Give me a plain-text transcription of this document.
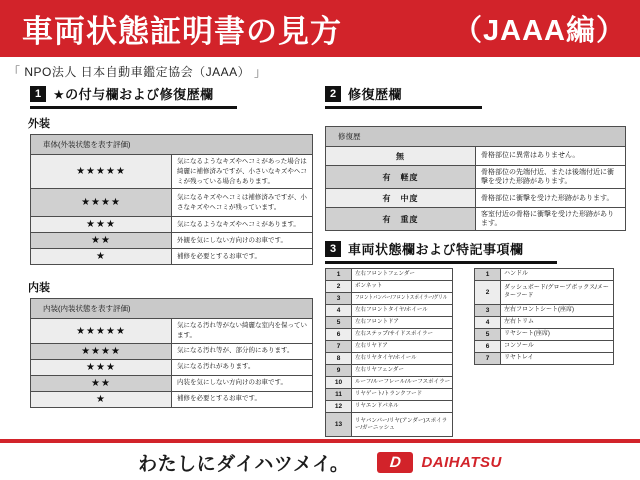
車両状態証明書の見方	（JAAA編）
「 NPO法人 日本自動車鑑定協会（JAAA） 」
1 ★の付与欄および修復歴欄
外装
車体(外装状態を表す評価)	
★★★★★	気になるようなキズやヘコミがあった場合は綺麗に補修済みですが、小さいなキズやヘコミが残っている場合もあります。
★★★★	気になるキズやヘコミは補修済みですが、小さなキズやヘコミが残っています。
★★★	気になるようなキズやヘコミがあります。
★★	外観を気にしない方向けのお車です。
★	補修を必要とするお車です。
内装
内装(内装状態を表す評価)	
★★★★★	気になる汚れ等がない綺麗な室内を保っています。
★★★★	気になる汚れ等が、部分的にあります。
★★★	気になる汚れがあります。
★★	内装を気にしない方向けのお車です。
★	補修を必要とするお車です。
2 修復歴欄
修復歴	
無	骨格部位に異常はありません。
有　軽度	骨格部位の先端付近、または後端付近に衝撃を受けた形跡があります。
有　中度	骨格部位に衝撃を受けた形跡があります。
有　重度	客室付近の骨格に衝撃を受けた形跡があります。
3 車両状態欄および特記事項欄
1	左右フロントフェンダー
2	ボンネット
3	フロントバンパー/フロントスポイラー/グリル
4	左右フロントタイヤ/ホイール
5	左右フロントドア
6	左右ステップ/サイドスポイラー
7	左右リヤドア
8	左右リヤタイヤ/ホイール
9	左右リヤフェンダー
10	ルーフ/ルーフレール/ルーフスポイラー
11	リヤゲート/トランクフード
12	リヤエンドパネル
13	リヤバンパー/リヤ(アンダー)スポイラー/ガーニッシュ
1	ハンドル
2	ダッシュボード/グローブボックス/メーターフード
3	左右フロントシート(座席)
4	左右トリム
5	リヤシート(座席)
6	コンソール
7	リヤトレイ
わたしにダイハツメイ。	D DAIHATSU
